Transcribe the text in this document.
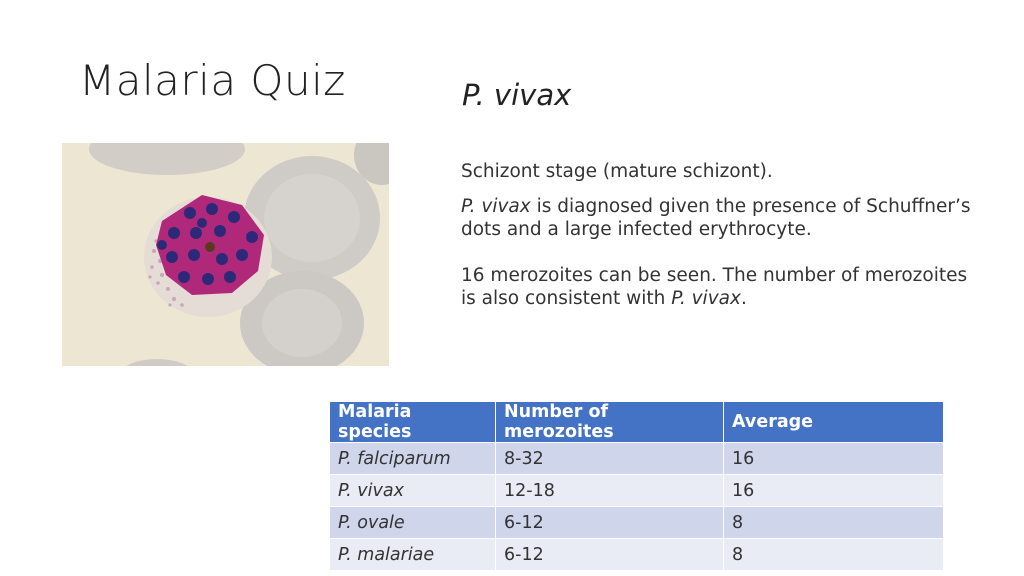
Malaria Quiz	P. vivax

Schizont stage (mature schizont).

P. vivax is diagnosed given the presence of Schuffner’s dots and a large infected erythrocyte.

16 merozoites can be seen. The number of merozoites is also consistent with P. vivax.

Malaria species	Number of merozoites	Average
P. falciparum	8-32	16
P. vivax	12-18	16
P. ovale	6-12	8
P. malariae	6-12	8
